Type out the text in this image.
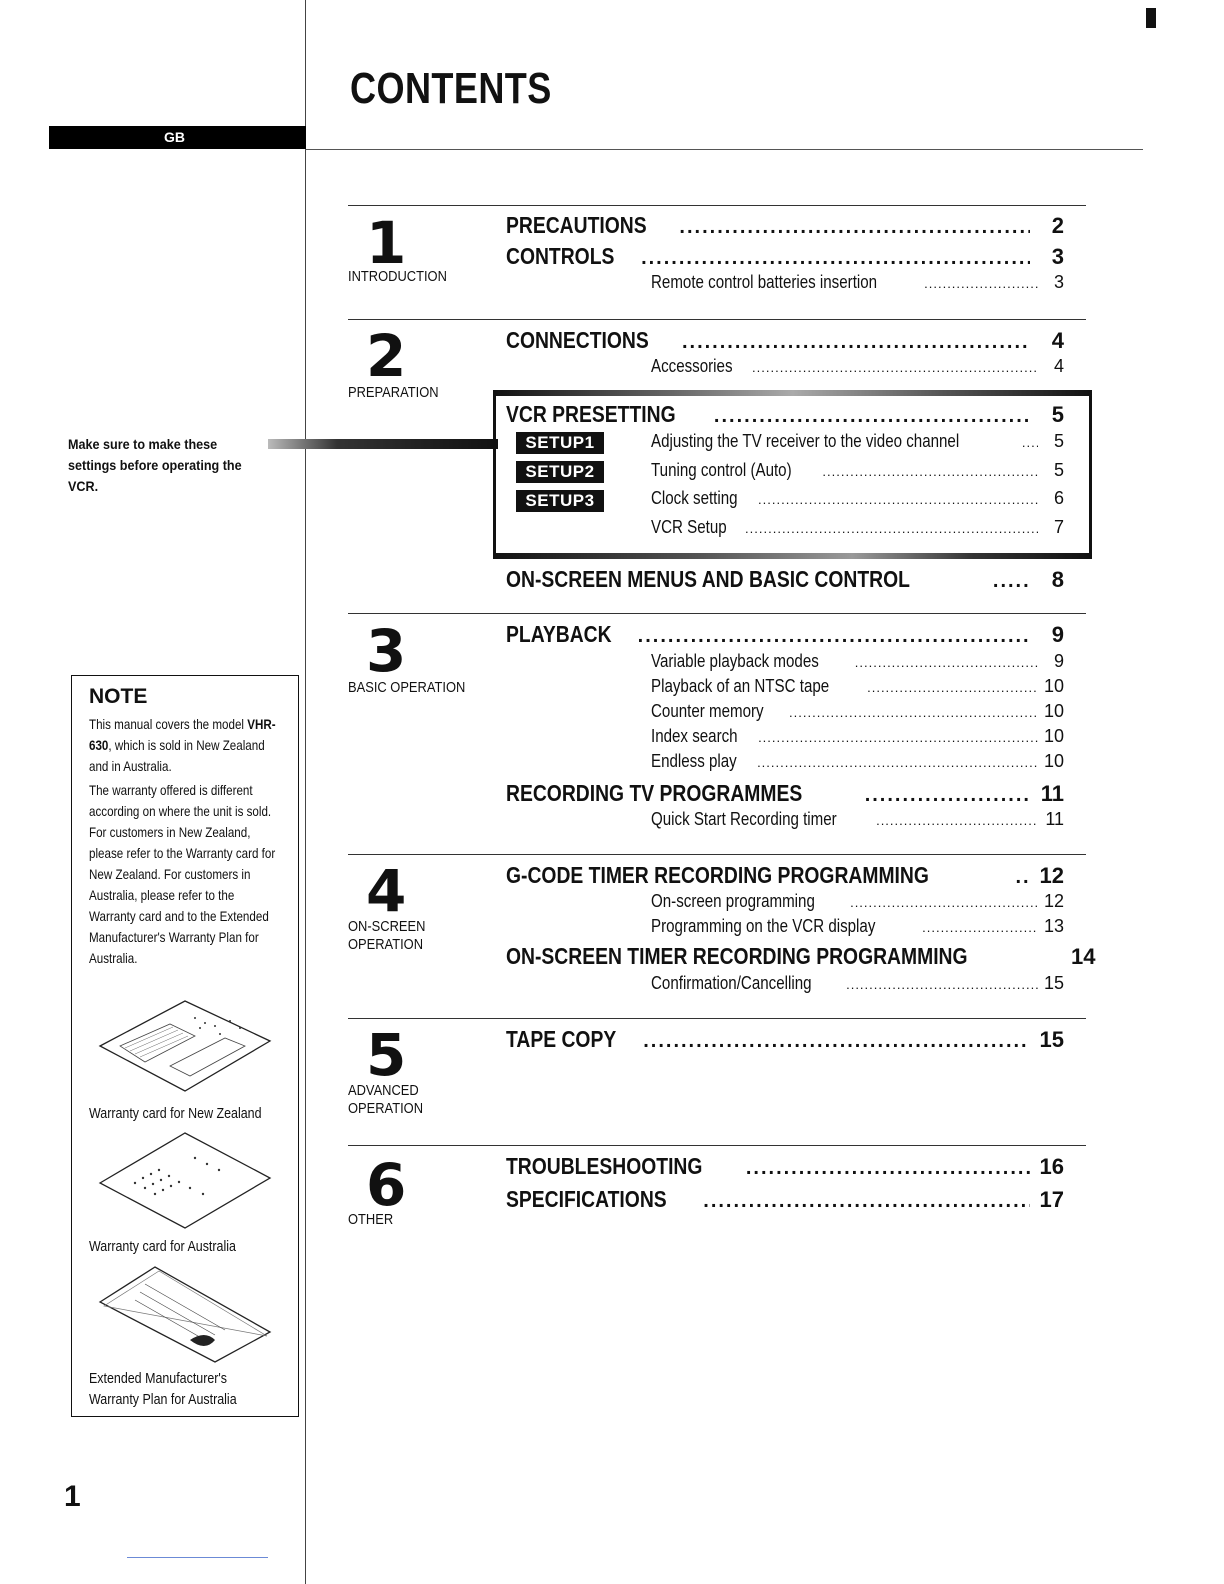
GB
CONTENTS
1
Make sure to make these settings before operating the VCR.
NOTE

This manual covers the model VHR-630, which is sold in New Zealand and in Australia.

The warranty offered is different according on where the unit is sold. For customers in New Zealand, please refer to the Warranty card for New Zealand. For customers in Australia, please refer to the Warranty card and to the Extended Manufacturer's Warranty Plan for Australia.

Warranty card for New Zealand
Warranty card for Australia
Extended Manufacturer's
Warranty Plan for Australia
1
INTRODUCTION
2
PREPARATION
3
BASIC OPERATION
4
ON-SCREEN
OPERATION
5
ADVANCED
OPERATION
6
OTHER
SETUP1
SETUP2
SETUP3
PRECAUTIONS .....	2
CONTROLS .....	3
CONNECTIONS .....	4
VCR PRESETTING .....	5
ON-SCREEN MENUS AND BASIC CONTROL .....	8
PLAYBACK .....	9
RECORDING TV PROGRAMMES .....	11
G-CODE TIMER RECORDING PROGRAMMING .....	12
ON-SCREEN TIMER RECORDING PROGRAMMING	14
TAPE COPY .....	15
TROUBLESHOOTING .....	16
SPECIFICATIONS .....	17
Remote control batteries insertion .....	3
Accessories .....	4
Adjusting the TV receiver to the video channel .....	5
Tuning control (Auto) .....	5
Clock setting .....	6
VCR Setup .....	7
Variable playback modes .....	9
Playback of an NTSC tape .....	10
Counter memory .....	10
Index search .....	10
Endless play .....	10
Quick Start Recording timer .....	11
On-screen programming .....	12
Programming on the VCR display .....	13
Confirmation/Cancelling .....	15
